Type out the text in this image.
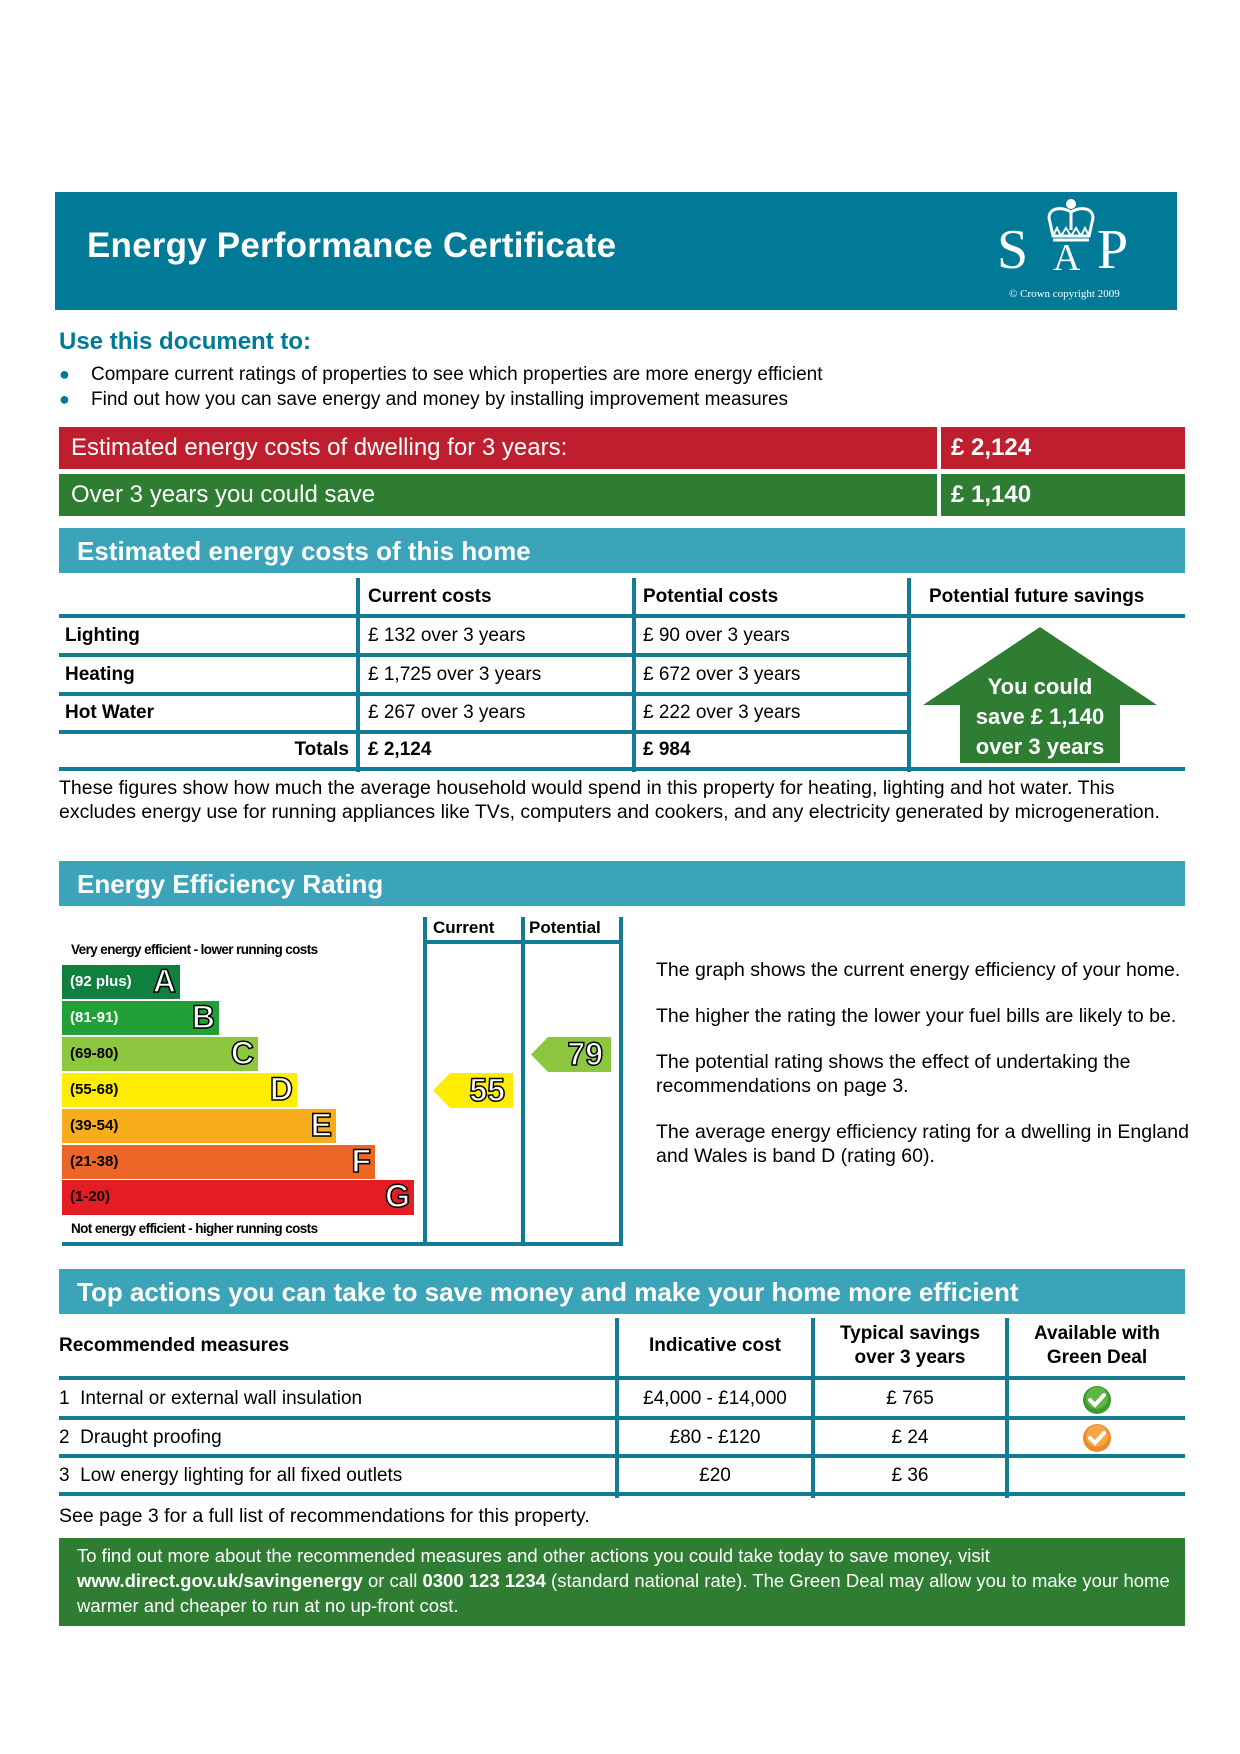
Energy Performance Certificate	S A P
© Crown copyright 2009
Use this document to:
● Compare current ratings of properties to see which properties are more energy efficient
● Find out how you can save energy and money by installing improvement measures
Estimated energy costs of dwelling for 3 years:	£ 2,124
Over 3 years you could save	£ 1,140
Estimated energy costs of this home
Current costs	Potential costs	Potential future savings
Lighting	£ 132 over 3 years	£ 90 over 3 years
Heating	£ 1,725 over 3 years	£ 672 over 3 years
Hot Water	£ 267 over 3 years	£ 222 over 3 years
Totals £ 2,124	£ 984
You could
save £ 1,140
over 3 years
These figures show how much the average household would spend in this property for heating, lighting and hot water. This excludes energy use for running appliances like TVs, computers and cookers, and any electricity generated by microgeneration.
Energy Efficiency Rating
Very energy efficient - lower running costs
(92 plus) A
(81-91) B
(69-80)	C
(55-68)	D
(39-54)	E
(21-38)	F
(1-20)	G
Not energy efficient - higher running costs
Current Potential
55
79

The graph shows the current energy efficiency of your home.

The higher the rating the lower your fuel bills are likely to be.

The potential rating shows the effect of undertaking the recommendations on page 3.

The average energy efficiency rating for a dwelling in England and Wales is band D (rating 60).

Top actions you can take to save money and make your home more efficient
Recommended measures	Indicative cost
Typical savings
over 3 years
Available with
Green Deal
1 Internal or external wall insulation	£4,000 - £14,000	£ 765
2 Draught proofing	£80 - £120	£ 24
3 Low energy lighting for all fixed outlets	£20	£ 36
See page 3 for a full list of recommendations for this property.
To find out more about the recommended measures and other actions you could take today to save money, visit
www.direct.gov.uk/savingenergy or call 0300 123 1234 (standard national rate). The Green Deal may allow you to make your home warmer and cheaper to run at no up-front cost.
